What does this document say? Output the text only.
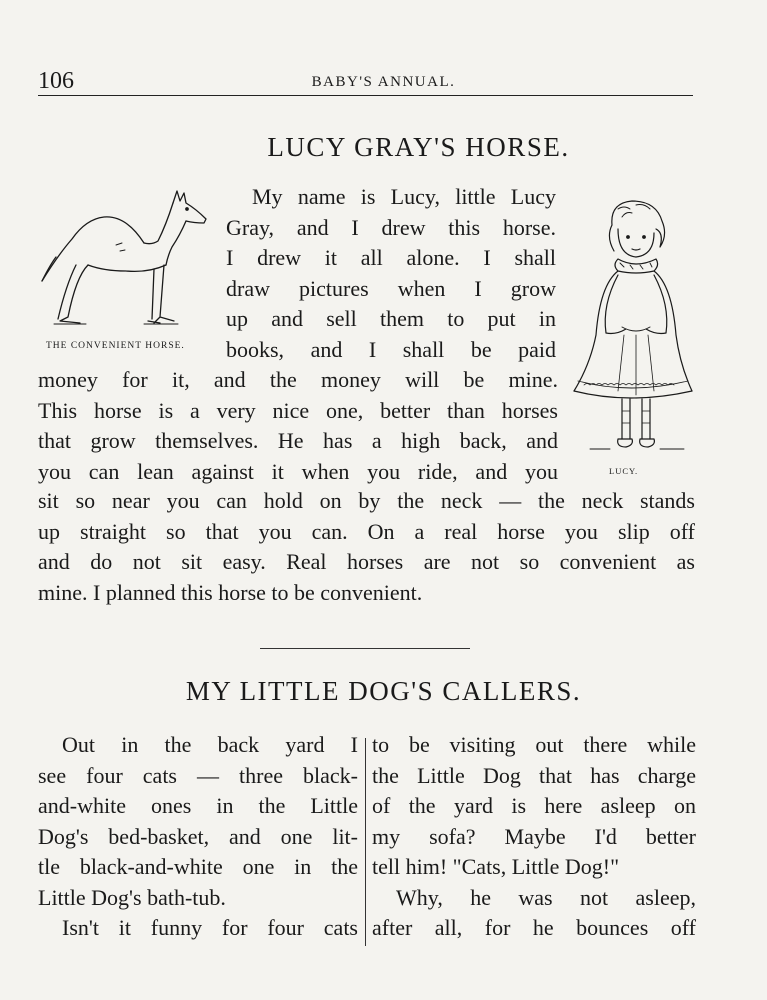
106	BABY'S ANNUAL.
LUCY GRAY'S HORSE.
THE CONVENIENT HORSE.
My name is Lucy, little Lucy
Gray, and I drew this horse.
I drew it all alone. I shall
draw pictures when I grow
up and sell them to put in
books, and I shall be paid
money for it, and the money will be mine.
This horse is a very nice one, better than horses
that grow themselves. He has a high back, and
you can lean against it when you ride, and you	LUCY.
sit so near you can hold on by the neck — the neck stands
up straight so that you can. On a real horse you slip off
and do not sit easy. Real horses are not so convenient as
mine. I planned this horse to be convenient.
MY LITTLE DOG'S CALLERS.
Out in the back yard I
see four cats — three black-
and-white ones in the Little
Dog's bed-basket, and one lit-
tle black-and-white one in the
Little Dog's bath-tub.
Isn't it funny for four cats
to be visiting out there while
the Little Dog that has charge
of the yard is here asleep on
my sofa? Maybe I'd better
tell him! "Cats, Little Dog!"
Why, he was not asleep,
after all, for he bounces off
